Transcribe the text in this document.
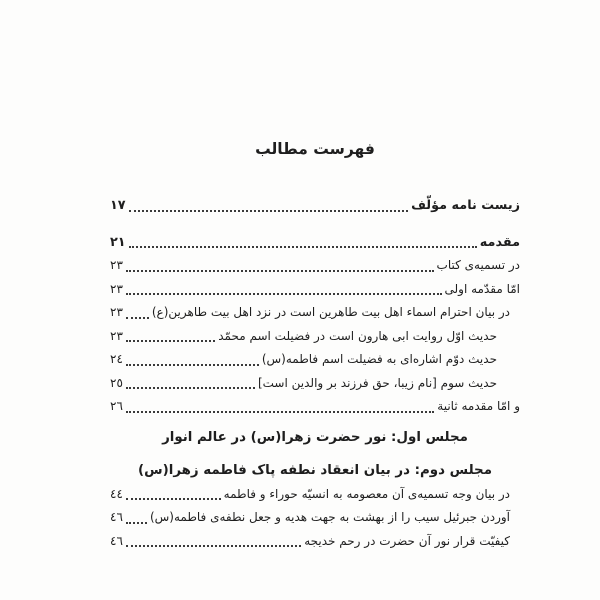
فهرست مطالب
زیست نامه مؤلّف
١٧
مقدمه
٢١
در تسمیه‌ی کتاب
٢٣
امّا مقدّمه اولی
٢٣
در بیان احترام اسماء اهل بیت طاهرین است در نزد اهل بیت طاهرین(ع)
٢٣
حدیث اوّل روایت ابی هارون است در فضیلت اسم محمّد
٢٣
حدیث دوّم اشاره‌ای به فضیلت اسم فاطمه(س)
٢٤
حدیث سوم [نام زیبا، حق فرزند بر والدین است]
٢٥
و امّا مقدمه ثانیة
٢٦
مجلس اول: نور حضرت زهرا(س) در عالم انوار
مجلس دوم: در بیان انعقاد نطفه پاک فاطمه زهرا(س)
در بیان وجه تسمیه‌ی آن معصومه به انسیّه حوراء و فاطمه
٤٤
آوردن جبرئیل سیب را از بهشت به جهت هدیه و جعل نطفه‌ی فاطمه(س)
٤٦
کیفیّت قرار نور آن حضرت در رحم خدیجه
٤٦
